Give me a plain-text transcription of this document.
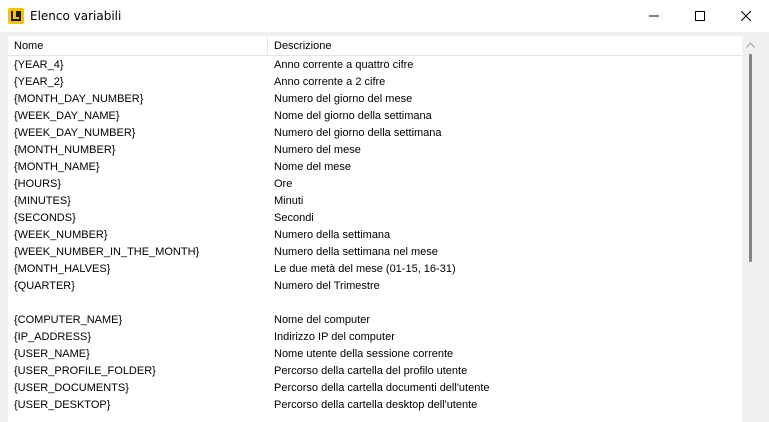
Elenco variabili
Nome	Descrizione
{YEAR_4}	Anno corrente a quattro cifre
{YEAR_2}	Anno corrente a 2 cifre
{MONTH_DAY_NUMBER}	Numero del giorno del mese
{WEEK_DAY_NAME}	Nome del giorno della settimana
{WEEK_DAY_NUMBER}	Numero del giorno della settimana
{MONTH_NUMBER}	Numero del mese
{MONTH_NAME}	Nome del mese
{HOURS}	Ore
{MINUTES}	Minuti
{SECONDS}	Secondi
{WEEK_NUMBER}	Numero della settimana
{WEEK_NUMBER_IN_THE_MONTH}	Numero della settimana nel mese
{MONTH_HALVES}	Le due metà del mese (01-15, 16-31)
{QUARTER}	Numero del Trimestre
{COMPUTER_NAME}	Nome del computer
{IP_ADDRESS}	Indirizzo IP del computer
{USER_NAME}	Nome utente della sessione corrente
{USER_PROFILE_FOLDER}	Percorso della cartella del profilo utente
{USER_DOCUMENTS}	Percorso della cartella documenti dell'utente
{USER_DESKTOP}	Percorso della cartella desktop dell'utente
